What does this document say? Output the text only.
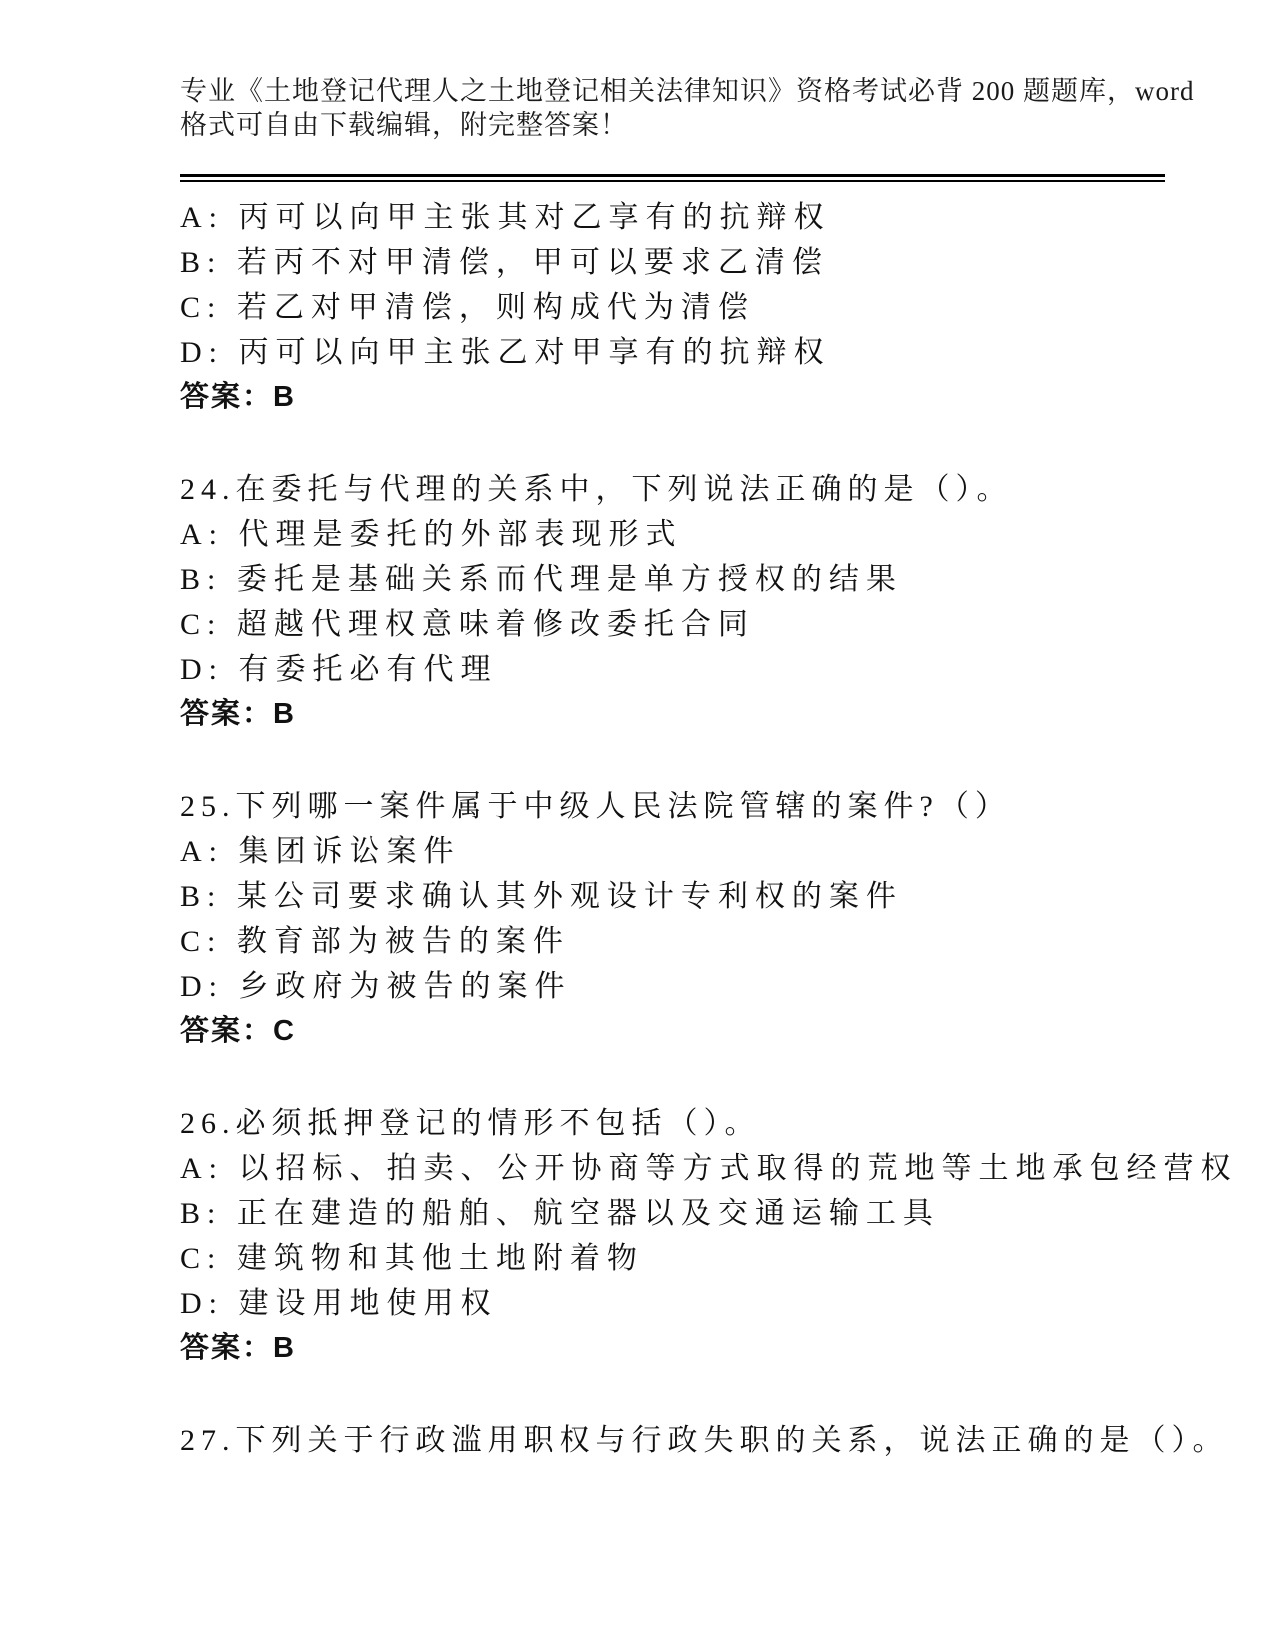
专业《土地登记代理人之土地登记相关法律知识》资格考试必背 200 题题库，word
格式可自由下载编辑，附完整答案！
A: 丙可以向甲主张其对乙享有的抗辩权
B: 若丙不对甲清偿，甲可以要求乙清偿
C: 若乙对甲清偿，则构成代为清偿
D: 丙可以向甲主张乙对甲享有的抗辩权
答案：B
24.在委托与代理的关系中，下列说法正确的是（）。
A: 代理是委托的外部表现形式
B: 委托是基础关系而代理是单方授权的结果
C: 超越代理权意味着修改委托合同
D: 有委托必有代理
答案：B
25.下列哪一案件属于中级人民法院管辖的案件?（）
A: 集团诉讼案件
B: 某公司要求确认其外观设计专利权的案件
C: 教育部为被告的案件
D: 乡政府为被告的案件
答案：C
26.必须抵押登记的情形不包括（）。
A: 以招标、拍卖、公开协商等方式取得的荒地等土地承包经营权
B: 正在建造的船舶、航空器以及交通运输工具
C: 建筑物和其他土地附着物
D: 建设用地使用权
答案：B
27.下列关于行政滥用职权与行政失职的关系，说法正确的是（）。
